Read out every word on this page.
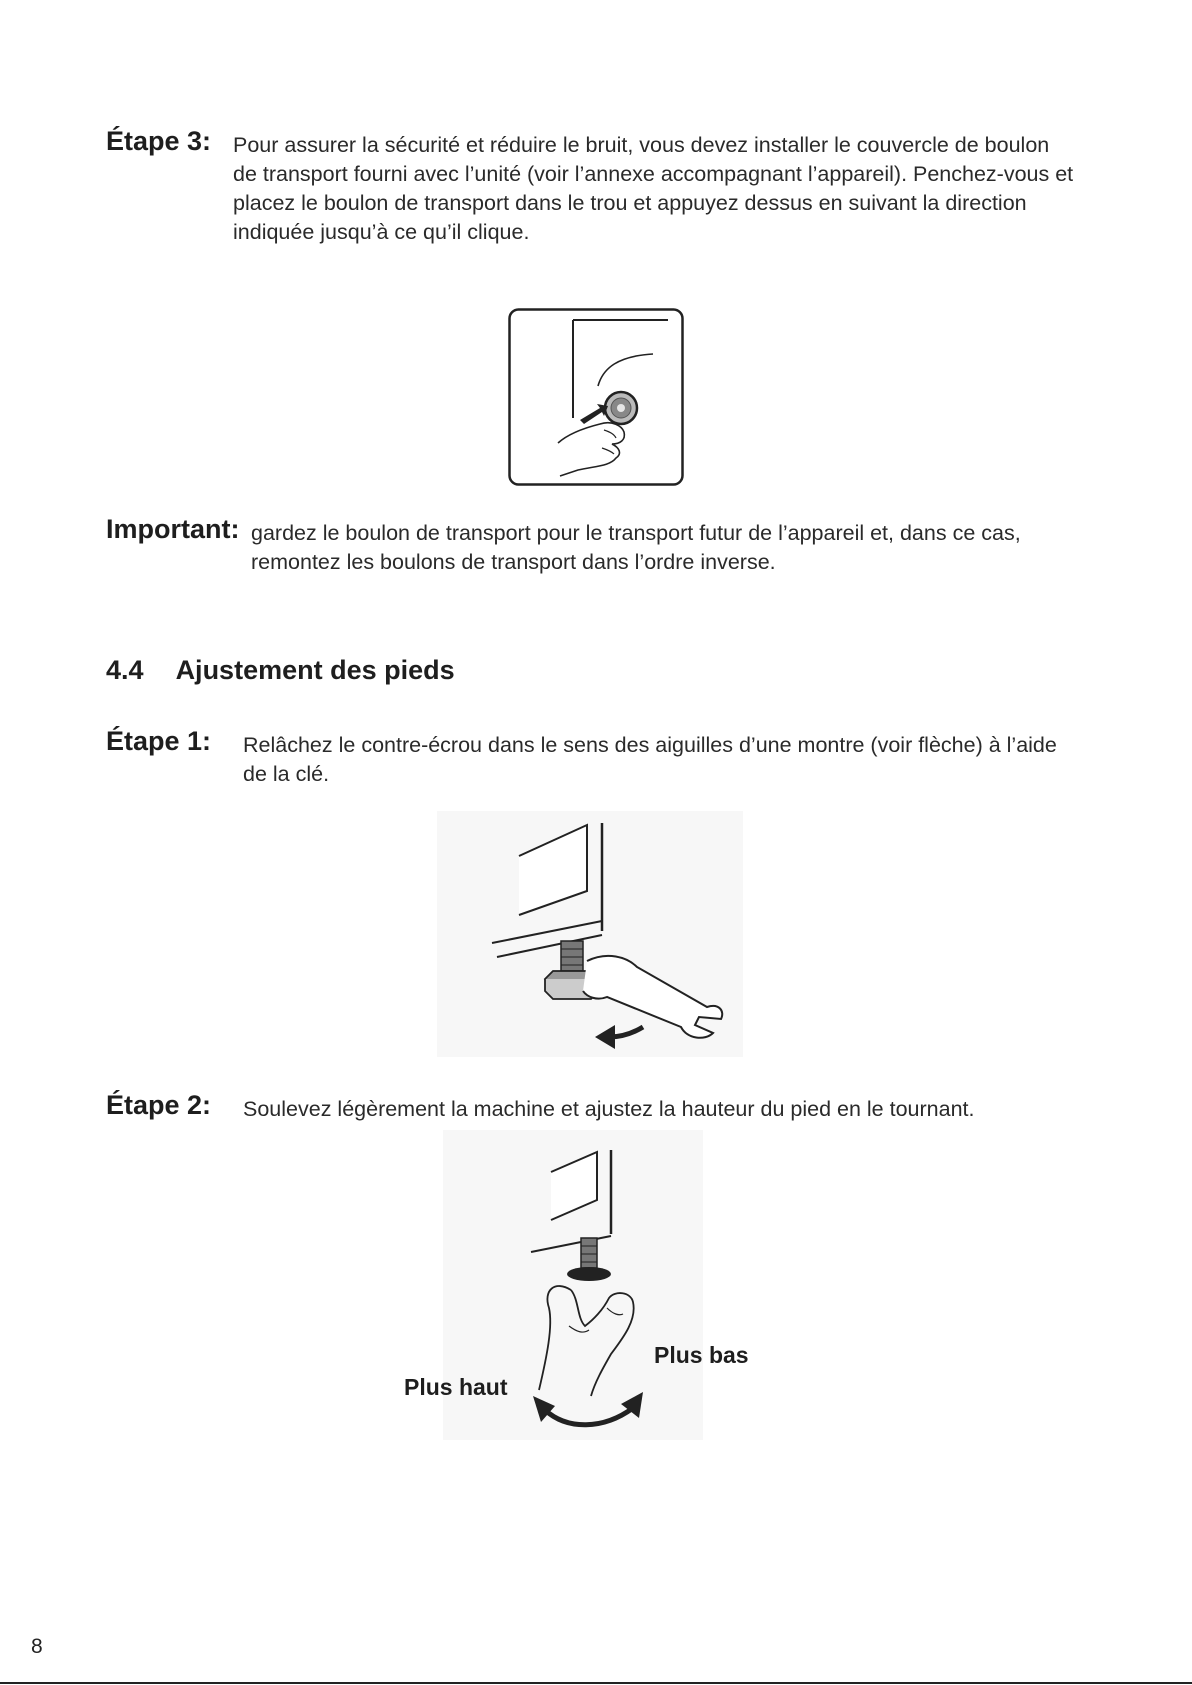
Étape 3: Pour assurer la sécurité et réduire le bruit, vous devez installer le couvercle de boulon de transport fourni avec l’unité (voir l’annexe accompagnant l’appareil). Penchez-vous et placez le boulon de transport dans le trou et appuyez dessus en suivant la direction indiquée jusqu’à ce qu’il clique.
Important: gardez le boulon de transport pour le transport futur de l’appareil et, dans ce cas, remontez les boulons de transport dans l’ordre inverse.
4.4 Ajustement des pieds
Étape 1: Relâchez le contre-écrou dans le sens des aiguilles d’une montre (voir flèche) à l’aide de la clé.
Étape 2: Soulevez légèrement la machine et ajustez la hauteur du pied en le tournant.
Plus haut
Plus bas
8
